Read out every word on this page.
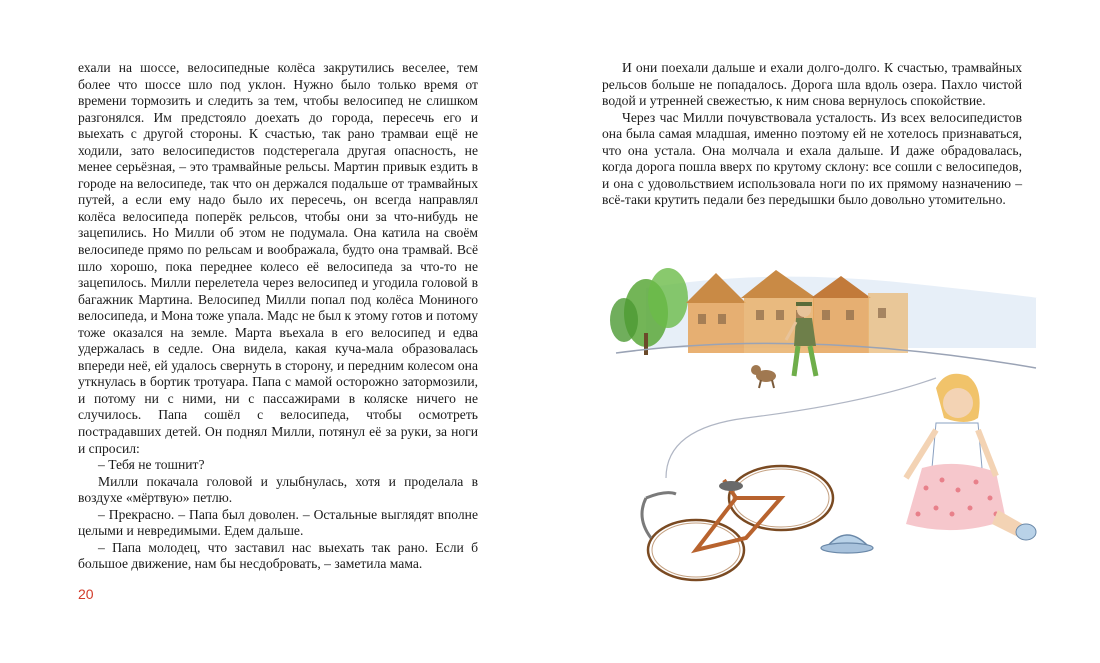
ехали на шоссе, велосипедные колёса закрутились веселее, тем более что шоссе шло под уклон. Нужно было только время от времени тормозить и следить за тем, чтобы велосипед не слишком разгонялся. Им предстояло доехать до города, пересечь его и выехать с другой стороны. К счастью, так рано трамваи ещё не ходили, зато велосипедистов подстерегала другая опасность, не менее серьёзная, – это трамвайные рельсы. Мартин привык ездить в городе на велосипеде, так что он держался подальше от трамвайных путей, а если ему надо было их пересечь, он всегда направлял колёса велосипеда поперёк рельсов, чтобы они за что-нибудь не зацепились. Но Милли об этом не подумала. Она катила на своём велосипеде прямо по рельсам и воображала, будто она трамвай. Всё шло хорошо, пока переднее колесо её велосипеда за что-то не зацепилось. Милли перелетела через велосипед и угодила головой в багажник Мартина. Велосипед Милли попал под колёса Мониного велосипеда, и Мона тоже упала. Мадс не был к этому готов и потому тоже оказался на земле. Марта въехала в его велосипед и едва удержалась в седле. Она видела, какая куча-мала образовалась впереди неё, ей удалось свернуть в сторону, и передним колесом она уткнулась в бортик тротуара. Папа с мамой осторожно затормозили, и потому ни с ними, ни с пассажирами в коляске ничего не случилось. Папа сошёл с велосипеда, чтобы осмотреть пострадавших детей. Он поднял Милли, потянул её за руки, за ноги и спросил:

– Тебя не тошнит?

Милли покачала головой и улыбнулась, хотя и проделала в воздухе «мёртвую» петлю.

– Прекрасно. – Папа был доволен. – Остальные выглядят вполне целыми и невредимыми. Едем дальше.

– Папа молодец, что заставил нас выехать так рано. Если б большое движение, нам бы несдобровать, – заметила мама.

20

И они поехали дальше и ехали долго-долго. К счастью, трамвайных рельсов больше не попадалось. Дорога шла вдоль озера. Пахло чистой водой и утренней свежестью, к ним снова вернулось спокойствие.

Через час Милли почувствовала усталость. Из всех велосипедистов она была самая младшая, именно поэтому ей не хотелось признаваться, что она устала. Она молчала и ехала дальше. И даже обрадовалась, когда дорога пошла вверх по крутому склону: все сошли с велосипедов, и она с удовольствием использовала ноги по их прямому назначению – всё-таки крутить педали без передышки было довольно утомительно.
